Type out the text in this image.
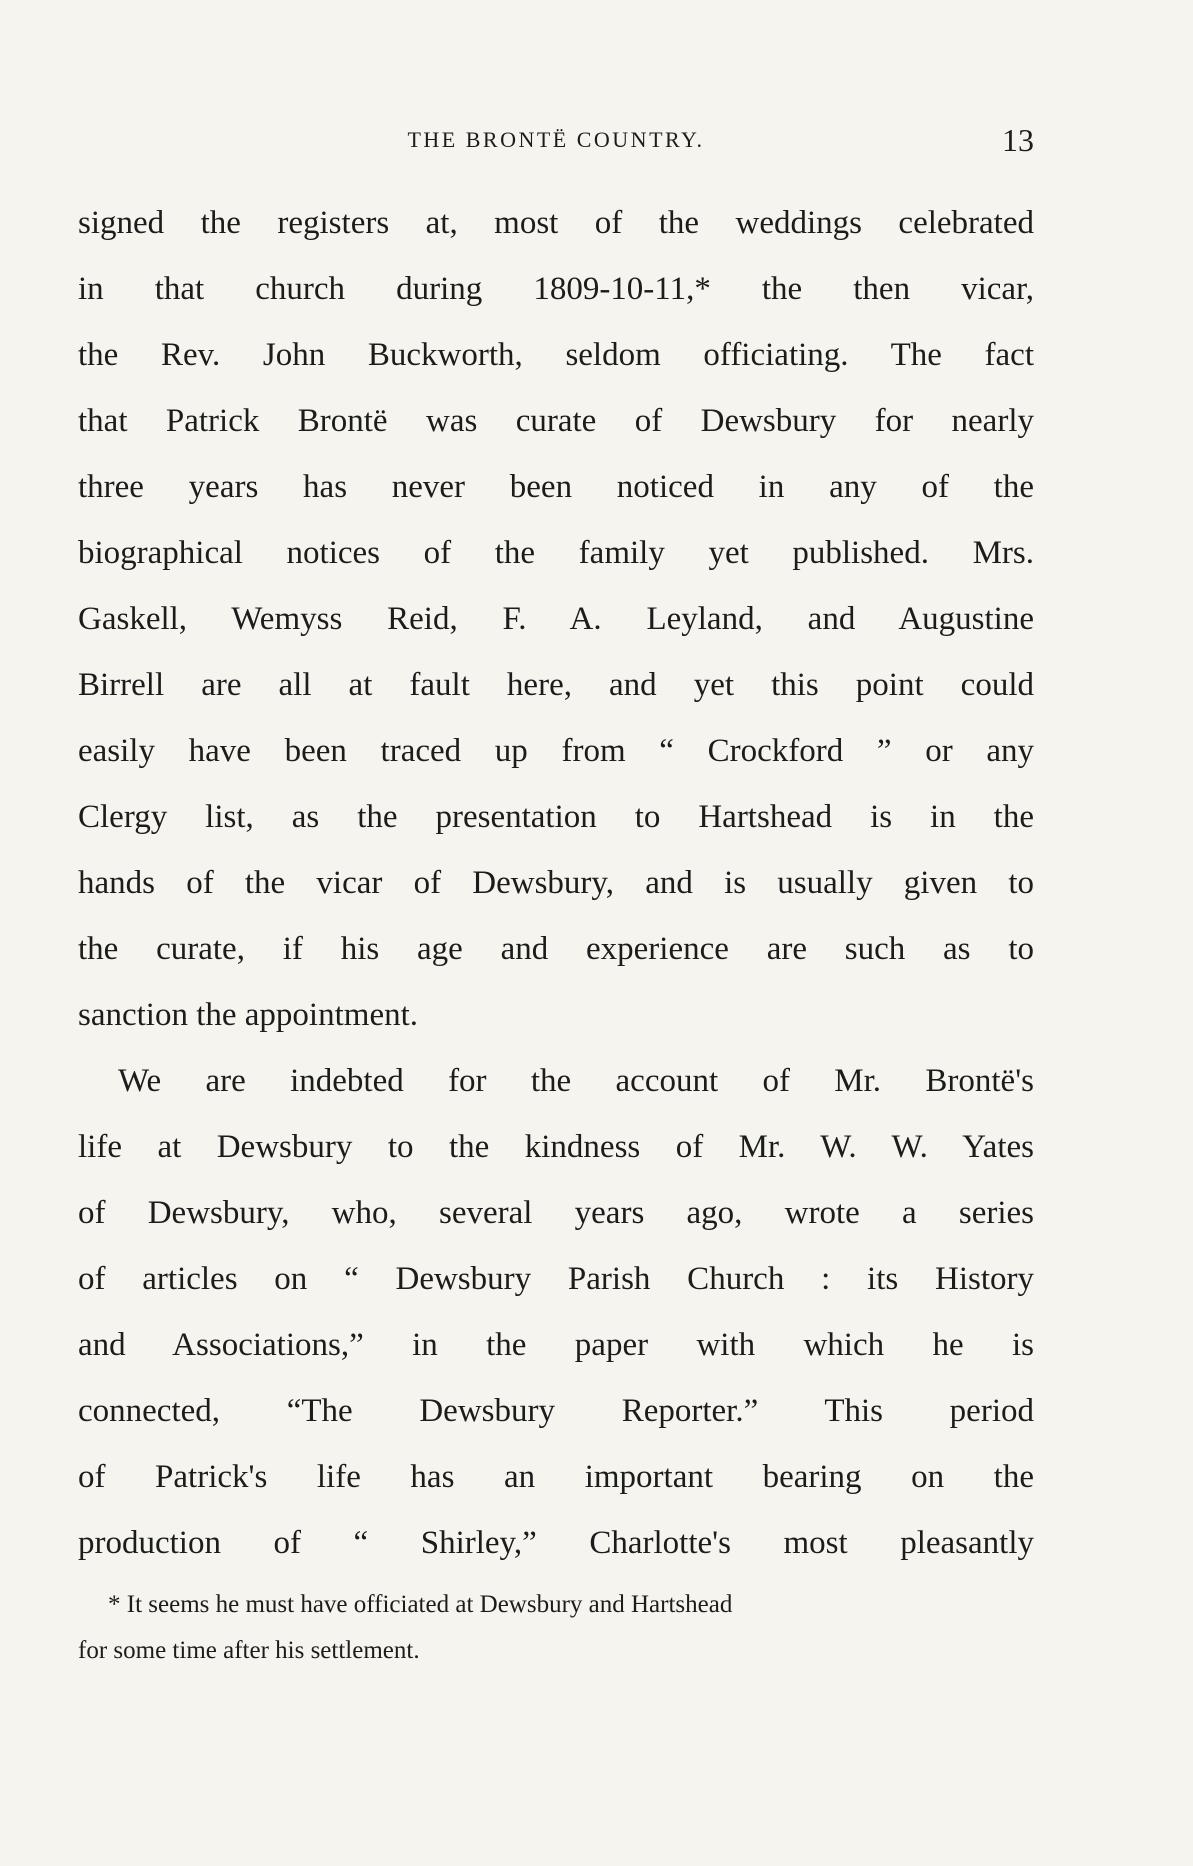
THE BRONTË COUNTRY.	13
signed the registers at, most of the weddings celebrated
in that church during 1809-10-11,* the then vicar,
the Rev. John Buckworth, seldom officiating. The fact
that Patrick Brontë was curate of Dewsbury for nearly
three years has never been noticed in any of the
biographical notices of the family yet published. Mrs.
Gaskell, Wemyss Reid, F. A. Leyland, and Augustine
Birrell are all at fault here, and yet this point could
easily have been traced up from “ Crockford ” or any
Clergy list, as the presentation to Hartshead is in the
hands of the vicar of Dewsbury, and is usually given to
the curate, if his age and experience are such as to
sanction the appointment.
We are indebted for the account of Mr. Brontë's
life at Dewsbury to the kindness of Mr. W. W. Yates
of Dewsbury, who, several years ago, wrote a series
of articles on “ Dewsbury Parish Church : its History
and Associations,” in the paper with which he is
connected, “The Dewsbury Reporter.” This period
of Patrick's life has an important bearing on the
production of “ Shirley,” Charlotte's most pleasantly
* It seems he must have officiated at Dewsbury and Hartshead
for some time after his settlement.
